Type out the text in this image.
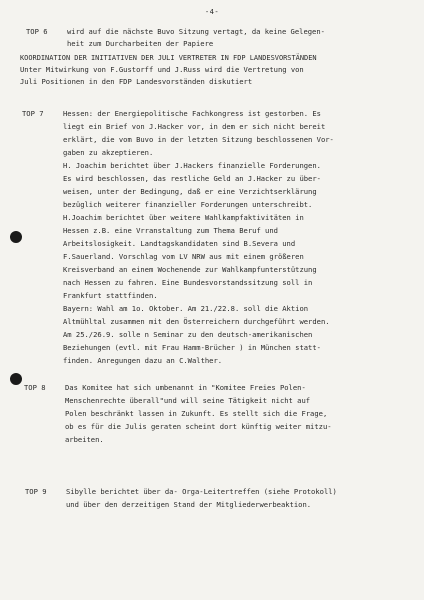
-4-
TOP 6	wird auf die nächste Buvo Sitzung vertagt, da keine Gelegen-
heit zum Durcharbeiten der Papiere
KOORDINATION DER INITIATIVEN DER JULI VERTRETER IN FDP LANDESVORSTÄNDEN
Unter Mitwirkung von F.Gustorff und J.Russ wird die Vertretung von
Juli Positionen in den FDP Landesvorständen diskutiert
TOP 7	Hessen: der Energiepolitische Fachkongress ist gestorben. Es
liegt ein Brief von J.Hacker vor, in dem er sich nicht bereit
erklärt, die vom Buvo in der letzten Sitzung beschlossenen Vor-
gaben zu akzeptieren.
H. Joachim berichtet über J.Hackers finanzielle Forderungen.
Es wird beschlossen, das restliche Geld an J.Hacker zu über-
weisen, unter der Bedingung, daß er eine Verzichtserklärung
bezüglich weiterer finanzieller Forderungen unterschreibt.
H.Joachim berichtet über weitere Wahlkampfaktivitäten in
Hessen z.B. eine Vrranstaltung zum Thema Beruf und
Arbeitslosigkeit. Landtagskandidaten sind B.Severa und
F.Sauerland. Vorschlag vom LV NRW aus mit einem größeren
Kreisverband an einem Wochenende zur Wahlkampfunterstützung
nach Hessen zu fahren. Eine Bundesvorstandssitzung soll in
Frankfurt stattfinden.
Bayern: Wahl am 1o. Oktober. Am 21./22.8. soll die Aktion
Altmühltal zusammen mit den Österreichern durchgeführt werden.
Am 25./26.9. solle n Seminar zu den deutsch-amerikanischen
Beziehungen (evtl. mit Frau Hamm-Brücher ) in München statt-
finden. Anregungen dazu an C.Walther.
TOP 8	Das Komitee hat sich umbenannt in "Komitee Freies Polen-
Menschenrechte überall"und will seine Tätigkeit nicht auf
Polen beschränkt lassen in Zukunft. Es stellt sich die Frage,
ob es für die Julis geraten scheint dort künftig weiter mitzu-
arbeiten.
TOP 9	Sibylle berichtet über da- Orga-Leitertreffen (siehe Protokoll)
und über den derzeitigen Stand der Mitgliederwerbeaktion.
